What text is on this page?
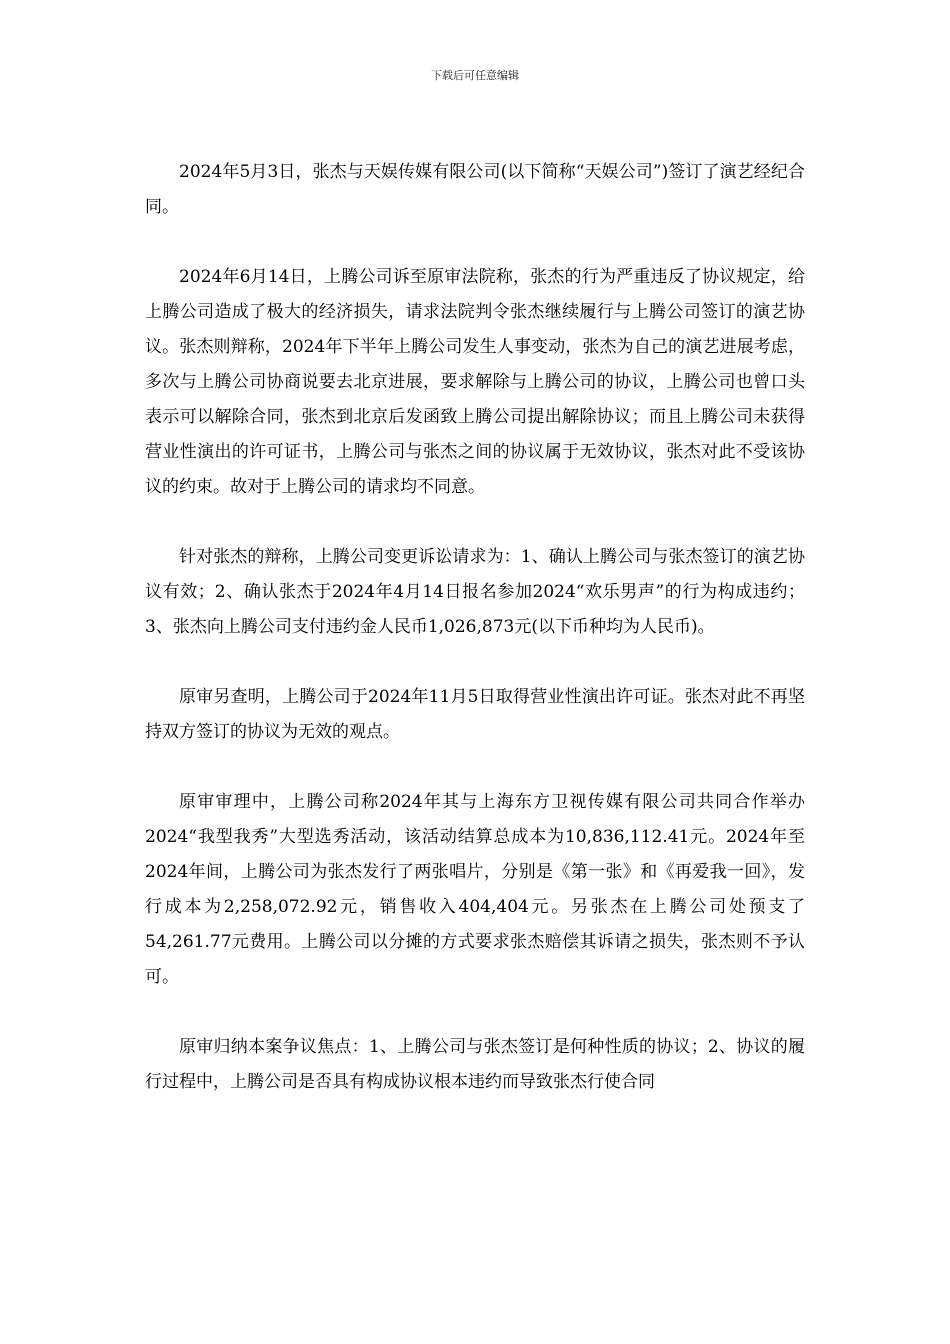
下载后可任意编辑

2024年5月3日，张杰与天娱传媒有限公司(以下简称“天娱公司”)签订了演艺经纪合同。

2024年6月14日，上腾公司诉至原审法院称，张杰的行为严重违反了协议规定，给上腾公司造成了极大的经济损失，请求法院判令张杰继续履行与上腾公司签订的演艺协议。张杰则辩称，2024年下半年上腾公司发生人事变动，张杰为自己的演艺进展考虑，多次与上腾公司协商说要去北京进展，要求解除与上腾公司的协议，上腾公司也曾口头表示可以解除合同，张杰到北京后发函致上腾公司提出解除协议；而且上腾公司未获得营业性演出的许可证书，上腾公司与张杰之间的协议属于无效协议，张杰对此不受该协议的约束。故对于上腾公司的请求均不同意。

针对张杰的辩称，上腾公司变更诉讼请求为：1、确认上腾公司与张杰签订的演艺协议有效；2、确认张杰于2024年4月14日报名参加2024“欢乐男声”的行为构成违约；3、张杰向上腾公司支付违约金人民币1,026,873元(以下币种均为人民币)。

原审另查明，上腾公司于2024年11月5日取得营业性演出许可证。张杰对此不再坚持双方签订的协议为无效的观点。

原审审理中，上腾公司称2024年其与上海东方卫视传媒有限公司共同合作举办2024“我型我秀”大型选秀活动，该活动结算总成本为10,836,112.41元。2024年至2024年间，上腾公司为张杰发行了两张唱片，分别是《第一张》和《再爱我一回》，发行成本为2,258,072.92元，销售收入404,404元。另张杰在上腾公司处预支了54,261.77元费用。上腾公司以分摊的方式要求张杰赔偿其诉请之损失，张杰则不予认可。

原审归纳本案争议焦点：1、上腾公司与张杰签订是何种性质的协议；2、协议的履行过程中，上腾公司是否具有构成协议根本违约而导致张杰行使合同
